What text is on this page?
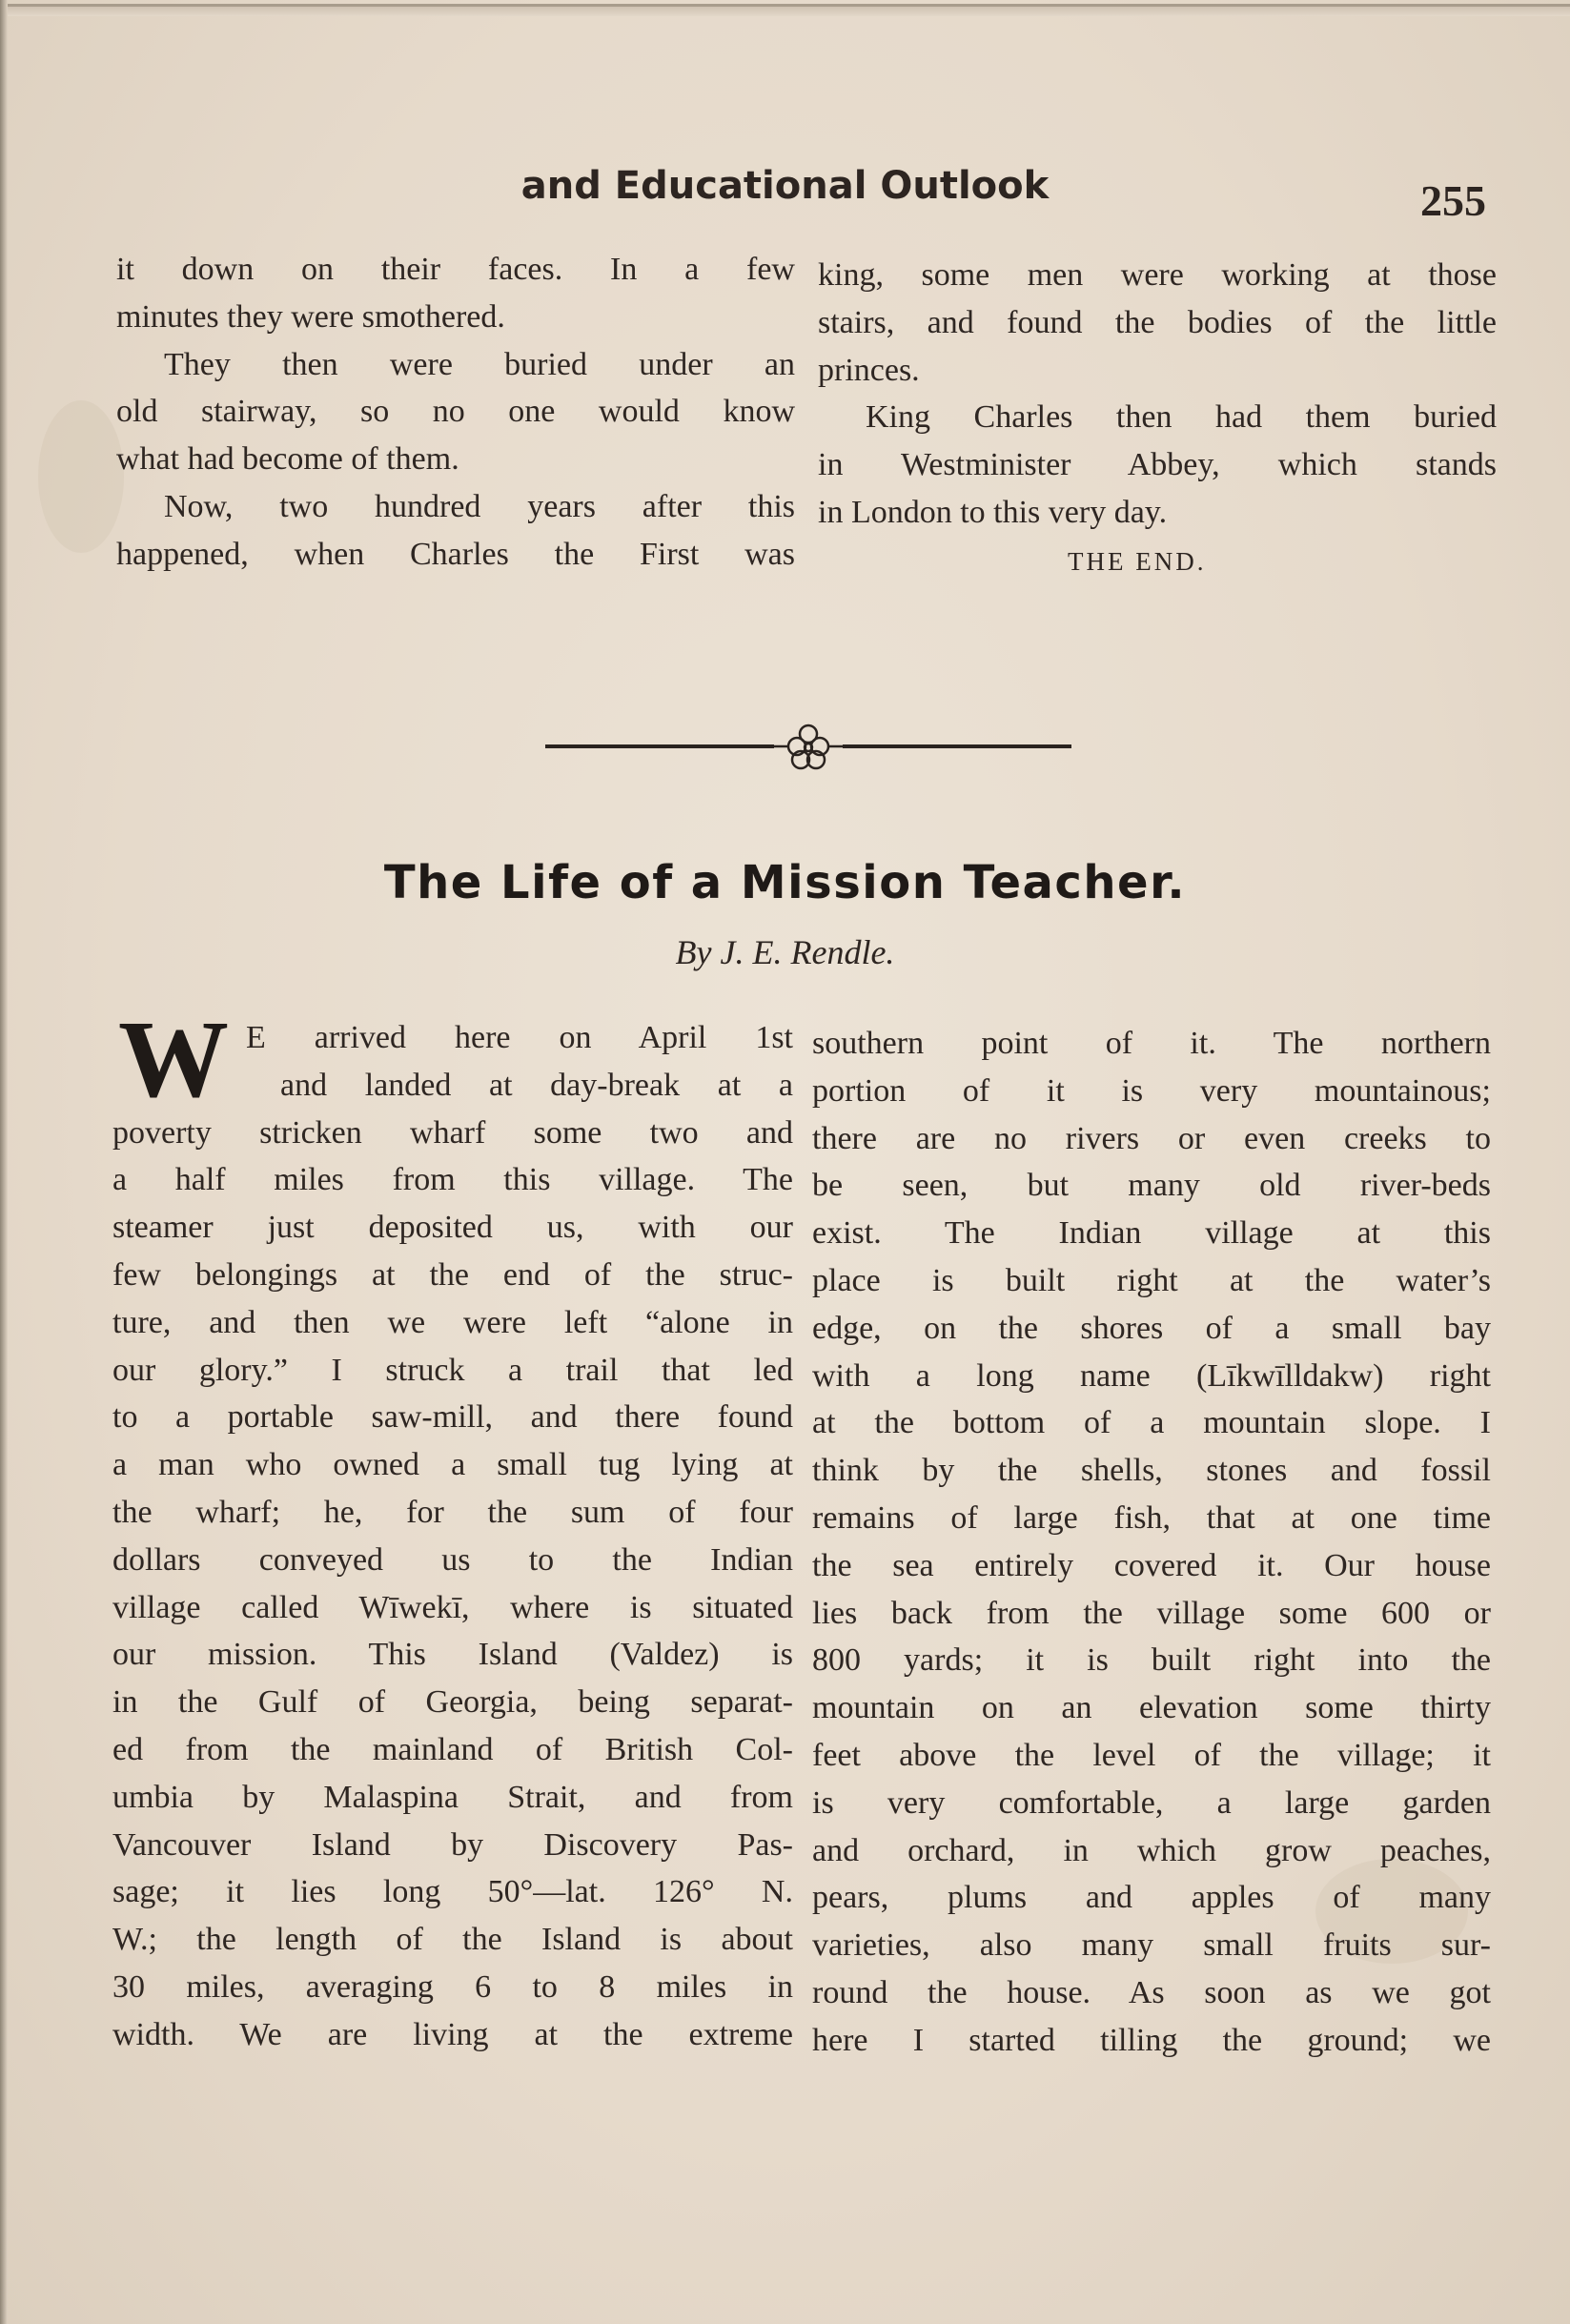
and Educational Outlook	255
it down on their faces. In a few
minutes they were smothered.
They then were buried under an
old stairway, so no one would know
what had become of them.
Now, two hundred years after this
happened, when Charles the First was
king, some men were working at those
stairs, and found the bodies of the little
princes.
King Charles then had them buried
in Westminister Abbey, which stands
in London to this very day.
THE END.
The Life of a Mission Teacher.
By J. E. Rendle.
W E arrived here on April 1st
and landed at day-break at a
poverty stricken wharf some two and
a half miles from this village. The
steamer just deposited us, with our
few belongings at the end of the struc-
ture, and then we were left “alone in
our glory.” I struck a trail that led
to a portable saw-mill, and there found
a man who owned a small tug lying at
the wharf; he, for the sum of four
dollars conveyed us to the Indian
village called Wīwekī, where is situated
our mission. This Island (Valdez) is
in the Gulf of Georgia, being separat-
ed from the mainland of British Col-
umbia by Malaspina Strait, and from
Vancouver Island by Discovery Pas-
sage; it lies long 50°—lat. 126° N.
W.; the length of the Island is about
30 miles, averaging 6 to 8 miles in
width. We are living at the extreme
southern point of it. The northern
portion of it is very mountainous;
there are no rivers or even creeks to
be seen, but many old river-beds
exist. The Indian village at this
place is built right at the water’s
edge, on the shores of a small bay
with a long name (Līkwīlldakw) right
at the bottom of a mountain slope. I
think by the shells, stones and fossil
remains of large fish, that at one time
the sea entirely covered it. Our house
lies back from the village some 600 or
800 yards; it is built right into the
mountain on an elevation some thirty
feet above the level of the village; it
is very comfortable, a large garden
and orchard, in which grow peaches,
pears, plums and apples of many
varieties, also many small fruits sur-
round the house. As soon as we got
here I started tilling the ground; we
